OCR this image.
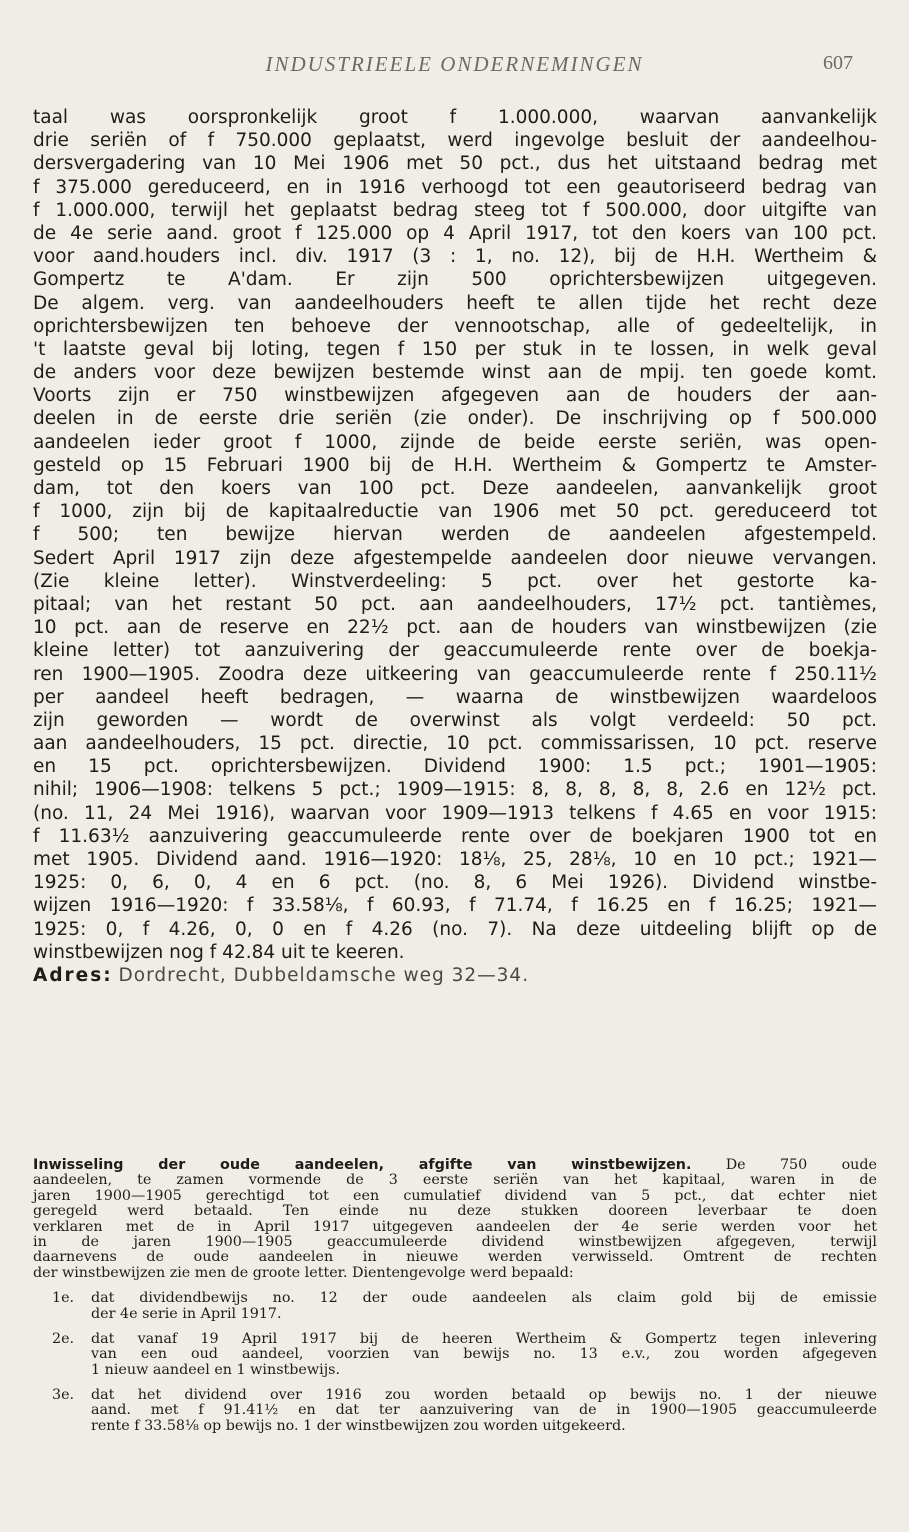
INDUSTRIEELE ONDERNEMINGEN	607
taal was oorspronkelijk groot f 1.000.000, waarvan aanvankelijk
drie seriën of f 750.000 geplaatst, werd ingevolge besluit der aandeelhou-
dersvergadering van 10 Mei 1906 met 50 pct., dus het uitstaand bedrag met
f 375.000 gereduceerd, en in 1916 verhoogd tot een geautoriseerd bedrag van
f 1.000.000, terwijl het geplaatst bedrag steeg tot f 500.000, door uitgifte van
de 4e serie aand. groot f 125.000 op 4 April 1917, tot den koers van 100 pct.
voor aand.houders incl. div. 1917 (3 : 1, no. 12), bij de H.H. Wertheim &
Gompertz te A'dam. Er zijn 500 oprichtersbewijzen uitgegeven.
De algem. verg. van aandeelhouders heeft te allen tijde het recht deze
oprichtersbewijzen ten behoeve der vennootschap, alle of gedeeltelijk, in
't laatste geval bij loting, tegen f 150 per stuk in te lossen, in welk geval
de anders voor deze bewijzen bestemde winst aan de mpij. ten goede komt.
Voorts zijn er 750 winstbewijzen afgegeven aan de houders der aan-
deelen in de eerste drie seriën (zie onder). De inschrijving op f 500.000
aandeelen ieder groot f 1000, zijnde de beide eerste seriën, was open-
gesteld op 15 Februari 1900 bij de H.H. Wertheim & Gompertz te Amster-
dam, tot den koers van 100 pct. Deze aandeelen, aanvankelijk groot
f 1000, zijn bij de kapitaalreductie van 1906 met 50 pct. gereduceerd tot
f 500; ten bewijze hiervan werden de aandeelen afgestempeld.
Sedert April 1917 zijn deze afgestempelde aandeelen door nieuwe vervangen.
(Zie kleine letter). Winstverdeeling: 5 pct. over het gestorte ka-
pitaal; van het restant 50 pct. aan aandeelhouders, 17½ pct. tantièmes,
10 pct. aan de reserve en 22½ pct. aan de houders van winstbewijzen (zie
kleine letter) tot aanzuivering der geaccumuleerde rente over de boekja-
ren 1900—1905. Zoodra deze uitkeering van geaccumuleerde rente f 250.11½
per aandeel heeft bedragen, — waarna de winstbewijzen waardeloos
zijn geworden — wordt de overwinst als volgt verdeeld: 50 pct.
aan aandeelhouders, 15 pct. directie, 10 pct. commissarissen, 10 pct. reserve
en 15 pct. oprichtersbewijzen. Dividend 1900: 1.5 pct.; 1901—1905:
nihil; 1906—1908: telkens 5 pct.; 1909—1915: 8, 8, 8, 8, 8, 2.6 en 12½ pct.
(no. 11, 24 Mei 1916), waarvan voor 1909—1913 telkens f 4.65 en voor 1915:
f 11.63½ aanzuivering geaccumuleerde rente over de boekjaren 1900 tot en
met 1905. Dividend aand. 1916—1920: 18⅛, 25, 28⅛, 10 en 10 pct.; 1921—
1925: 0, 6, 0, 4 en 6 pct. (no. 8, 6 Mei 1926). Dividend winstbe-
wijzen 1916—1920: f 33.58⅛, f 60.93, f 71.74, f 16.25 en f 16.25; 1921—
1925: 0, f 4.26, 0, 0 en f 4.26 (no. 7). Na deze uitdeeling blijft op de
winstbewijzen nog f 42.84 uit te keeren.
Adres: Dordrecht, Dubbeldamsche weg 32—34.
Inwisseling der oude aandeelen, afgifte van winstbewijzen. De 750 oude
aandeelen, te zamen vormende de 3 eerste seriën van het kapitaal, waren in de
jaren 1900—1905 gerechtigd tot een cumulatief dividend van 5 pct., dat echter niet
geregeld werd betaald. Ten einde nu deze stukken dooreen leverbaar te doen
verklaren met de in April 1917 uitgegeven aandeelen der 4e serie werden voor het
in de jaren 1900—1905 geaccumuleerde dividend winstbewijzen afgegeven, terwijl
daarnevens de oude aandeelen in nieuwe werden verwisseld. Omtrent de rechten
der winstbewijzen zie men de groote letter. Dientengevolge werd bepaald:
1e.	dat dividendbewijs no. 12 der oude aandeelen als claim gold bij de emissie
der 4e serie in April 1917.
2e.	dat vanaf 19 April 1917 bij de heeren Wertheim & Gompertz tegen inlevering
van een oud aandeel, voorzien van bewijs no. 13 e.v., zou worden afgegeven
1 nieuw aandeel en 1 winstbewijs.
3e.	dat het dividend over 1916 zou worden betaald op bewijs no. 1 der nieuwe
aand. met f 91.41½ en dat ter aanzuivering van de in 1900—1905 geaccumuleerde
rente f 33.58⅛ op bewijs no. 1 der winstbewijzen zou worden uitgekeerd.
